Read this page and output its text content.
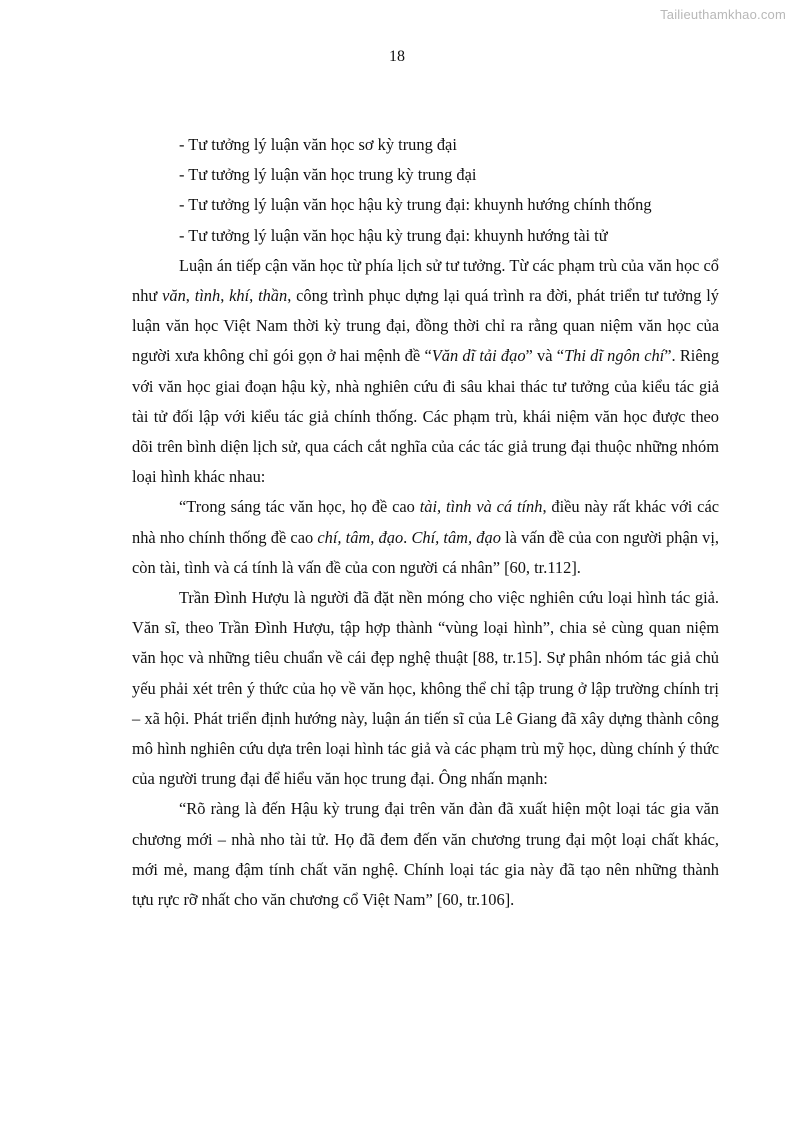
Tailieuthamkhao.com
18

- Tư tưởng lý luận văn học sơ kỳ trung đại

- Tư tưởng lý luận văn học trung kỳ trung đại

- Tư tưởng lý luận văn học hậu kỳ trung đại: khuynh hướng chính thống

- Tư tưởng lý luận văn học hậu kỳ trung đại: khuynh hướng tài tử

Luận án tiếp cận văn học từ phía lịch sử tư tưởng. Từ các phạm trù của văn học cổ như văn, tình, khí, thần, công trình phục dựng lại quá trình ra đời, phát triển tư tưởng lý luận văn học Việt Nam thời kỳ trung đại, đồng thời chỉ ra rằng quan niệm văn học của người xưa không chỉ gói gọn ở hai mệnh đề “Văn dĩ tải đạo” và “Thi dĩ ngôn chí”. Riêng với văn học giai đoạn hậu kỳ, nhà nghiên cứu đi sâu khai thác tư tưởng của kiểu tác giả tài tử đối lập với kiểu tác giả chính thống. Các phạm trù, khái niệm văn học được theo dõi trên bình diện lịch sử, qua cách cắt nghĩa của các tác giả trung đại thuộc những nhóm loại hình khác nhau:

“Trong sáng tác văn học, họ đề cao tài, tình và cá tính, điều này rất khác với các nhà nho chính thống đề cao chí, tâm, đạo. Chí, tâm, đạo là vấn đề của con người phận vị, còn tài, tình và cá tính là vấn đề của con người cá nhân” [60, tr.112].

Trần Đình Hượu là người đã đặt nền móng cho việc nghiên cứu loại hình tác giả. Văn sĩ, theo Trần Đình Hượu, tập hợp thành “vùng loại hình”, chia sẻ cùng quan niệm văn học và những tiêu chuẩn về cái đẹp nghệ thuật [88, tr.15]. Sự phân nhóm tác giả chủ yếu phải xét trên ý thức của họ về văn học, không thể chỉ tập trung ở lập trường chính trị – xã hội. Phát triển định hướng này, luận án tiến sĩ của Lê Giang đã xây dựng thành công mô hình nghiên cứu dựa trên loại hình tác giả và các phạm trù mỹ học, dùng chính ý thức của người trung đại để hiểu văn học trung đại. Ông nhấn mạnh:

“Rõ ràng là đến Hậu kỳ trung đại trên văn đàn đã xuất hiện một loại tác gia văn chương mới – nhà nho tài tử. Họ đã đem đến văn chương trung đại một loại chất khác, mới mẻ, mang đậm tính chất văn nghệ. Chính loại tác gia này đã tạo nên những thành tựu rực rỡ nhất cho văn chương cổ Việt Nam” [60, tr.106].
